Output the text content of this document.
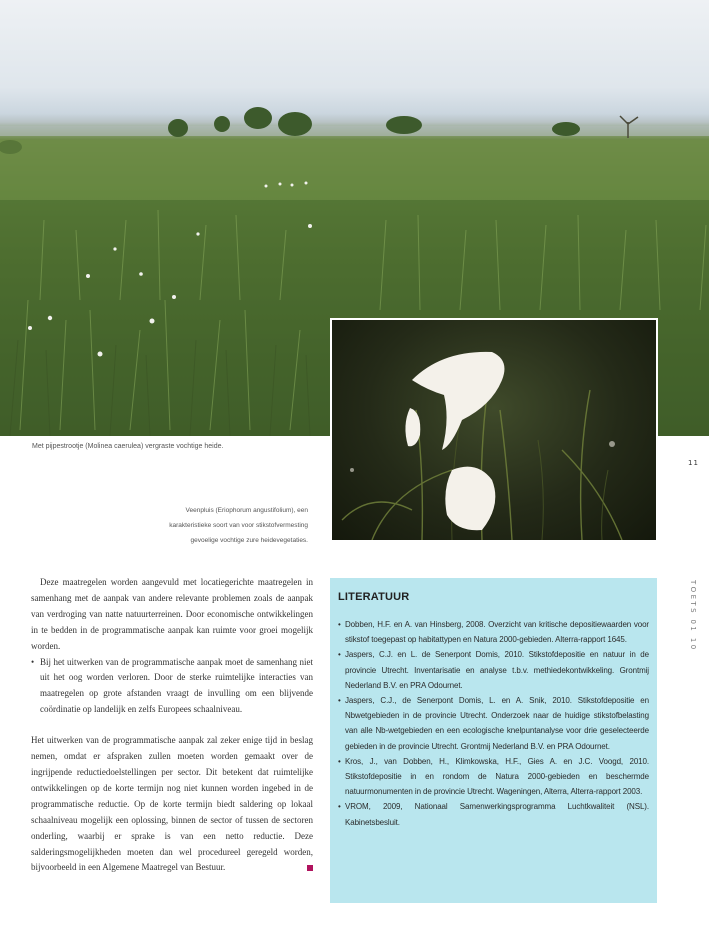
Met pijpestrootje (Molinea caerulea) vergraste vochtige heide.
Veenpluis (Eriophorum angustifolium), een
karakteristieke soort van voor stikstofvermesting
gevoelige vochtige zure heidevegetaties.
11
TOETS 01 10

Deze maatregelen worden aangevuld met locatiegerichte maatregelen in samenhang met de aanpak van andere relevante problemen zoals de aanpak van verdroging van natte natuurterreinen. Door economische ontwikkelingen in te bedden in de programmatische aanpak kan ruimte voor groei mogelijk worden.

• Bij het uitwerken van de programmatische aanpak moet de samenhang niet uit het oog worden verloren. Door de sterke ruimtelijke interacties van maatregelen op grote afstanden vraagt de invulling om een blijvende coördinatie op landelijk en zelfs Europees schaalniveau.

Het uitwerken van de programmatische aanpak zal zeker enige tijd in beslag nemen, omdat er afspraken zullen moeten worden gemaakt over de ingrijpende reductiedoelstellingen per sector. Dit betekent dat ruimtelijke ontwikkelingen op de korte termijn nog niet kunnen worden ingebed in de programmatische reductie. Op de korte termijn biedt saldering op lokaal schaalniveau mogelijk een oplossing, binnen de sector of tussen de sectoren onderling, waarbij er sprake is van een netto reductie. Deze salderingsmogelijkheden moeten dan wel procedureel geregeld worden, bijvoorbeeld in een Algemene Maatregel van Bestuur.

LITERATUUR
• Dobben, H.F. en A. van Hinsberg, 2008. Overzicht van kritische depositiewaarden voor stikstof toegepast op habitattypen en Natura 2000-gebieden. Alterra-rapport 1645.
• Jaspers, C.J. en L. de Senerpont Domis, 2010. Stikstofdepositie en natuur in de provincie Utrecht. Inventarisatie en analyse t.b.v. methiedekontwikkeling. Grontmij Nederland B.V. en PRA Odournet.
• Jaspers, C.J., de Senerpont Domis, L. en A. Snik, 2010. Stikstofdepositie en Nbwetgebieden in de provincie Utrecht. Onderzoek naar de huidige stikstofbelasting van alle Nb-wetgebieden en een ecologische knelpuntanalyse voor drie geselecteerde gebieden in de provincie Utrecht. Grontmij Nederland B.V. en PRA Odournet.
• Kros, J., van Dobben, H., Klimkowska, H.F., Gies A. en J.C. Voogd, 2010. Stikstofdepositie in en rondom de Natura 2000-gebieden en beschermde natuurmonumenten in de provincie Utrecht. Wageningen, Alterra, Alterra-rapport 2003.
• VROM, 2009, Nationaal Samenwerkingsprogramma Luchtkwaliteit (NSL). Kabinetsbesluit.
